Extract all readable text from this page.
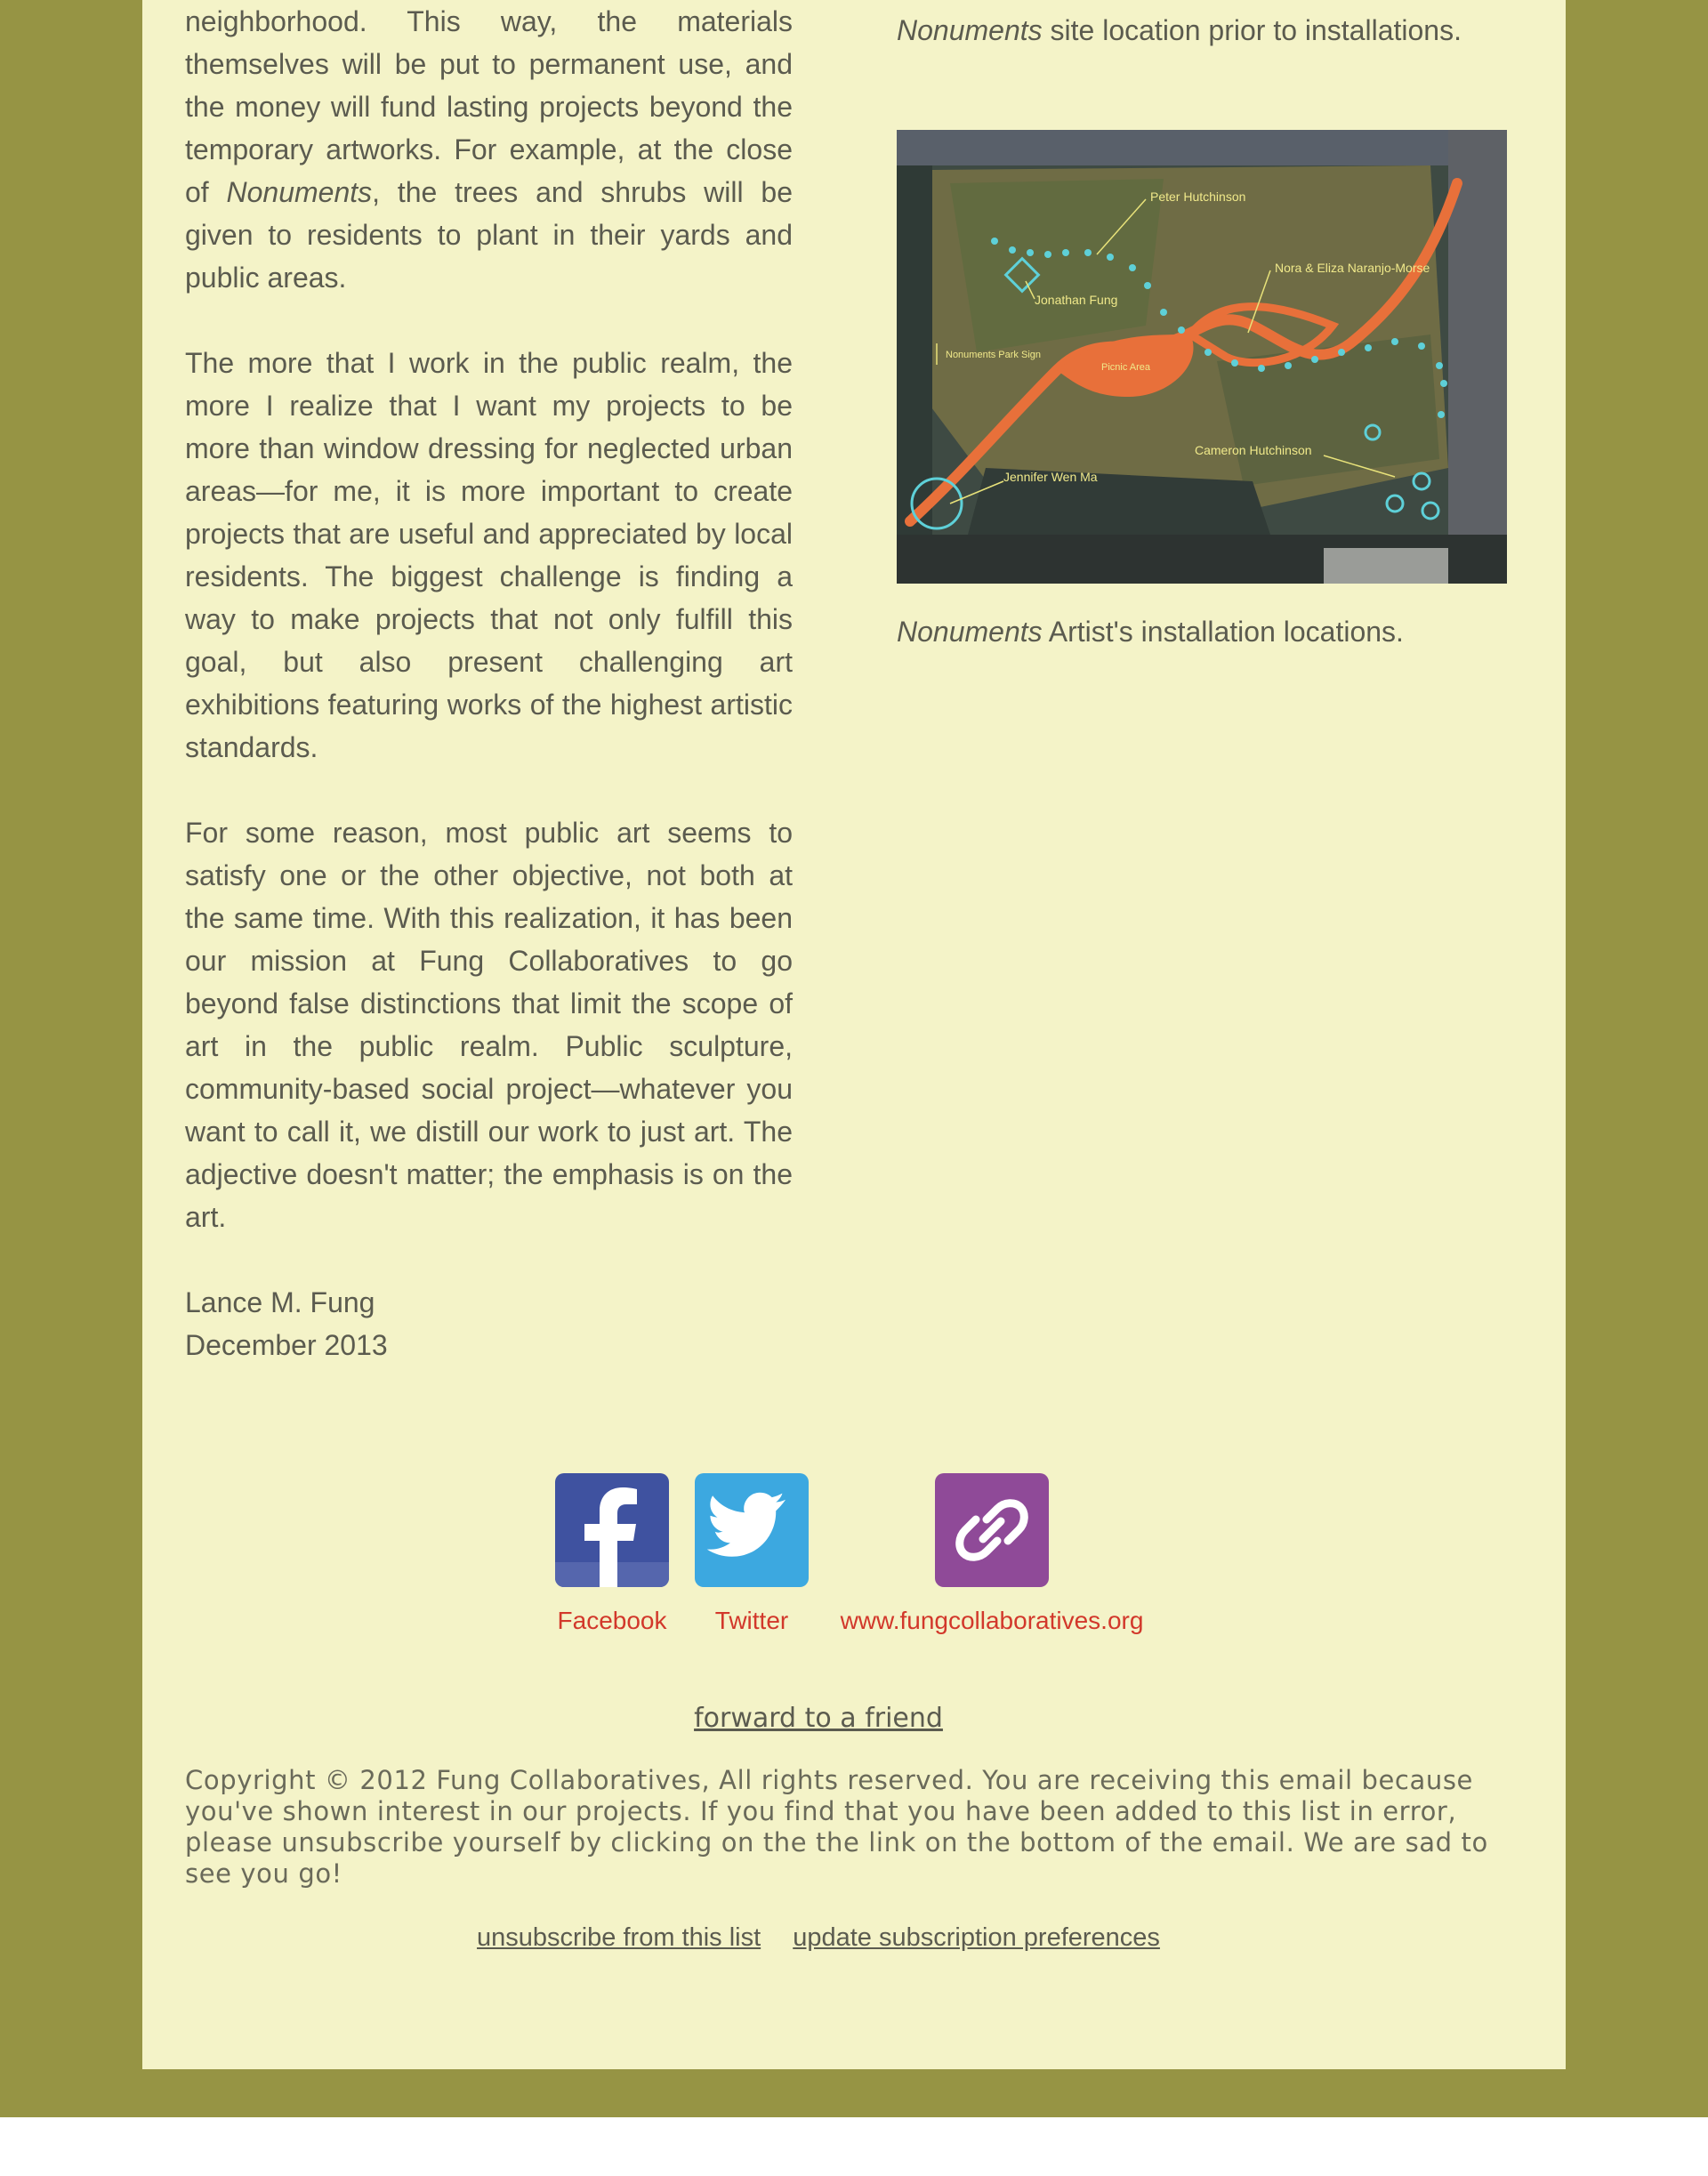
neighborhood. This way, the materials themselves will be put to permanent use, and the money will fund lasting projects beyond the temporary artworks. For example, at the close of Nonuments, the trees and shrubs will be given to residents to plant in their yards and public areas.

The more that I work in the public realm, the more I realize that I want my projects to be more than window dressing for neglected urban areas—for me, it is more important to create projects that are useful and appreciated by local residents. The biggest challenge is finding a way to make projects that not only fulfill this goal, but also present challenging art exhibitions featuring works of the highest artistic standards.

For some reason, most public art seems to satisfy one or the other objective, not both at the same time. With this realization, it has been our mission at Fung Collaboratives to go beyond false distinctions that limit the scope of art in the public realm. Public sculpture, community-based social project—whatever you want to call it, we distill our work to just art. The adjective doesn't matter; the emphasis is on the art.

Lance M. Fung
December 2013

Nonuments site location prior to installations.

Peter Hutchinson
Nora & Eliza Naranjo-Morse
Jonathan Fung
Nonuments Park Sign
Picnic Area
Cameron Hutchinson
Jennifer Wen Ma

Nonuments Artist's installation locations.

Facebook	Twitter	www.fungcollaboratives.org
forward to a friend
Copyright © 2012 Fung Collaboratives, All rights reserved. You are receiving this email because you've shown interest in our projects. If you find that you have been added to this list in error, please unsubscribe yourself by clicking on the the link on the bottom of the email. We are sad to see you go!
unsubscribe from this list update subscription preferences
